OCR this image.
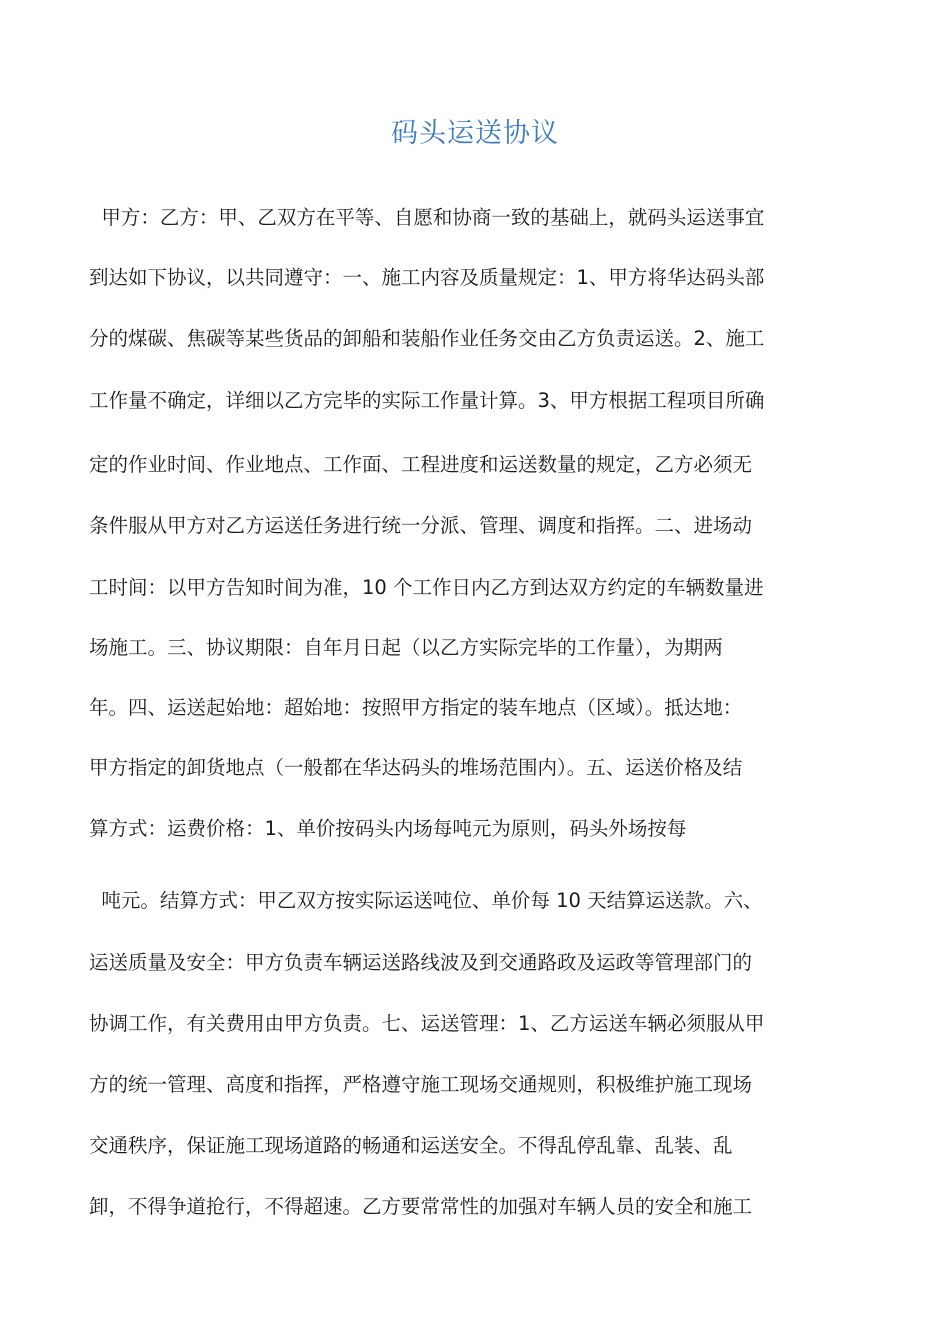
码头运送协议
甲方：乙方：甲、乙双方在平等、自愿和协商一致的基础上，就码头运送事宜
到达如下协议，以共同遵守：一、施工内容及质量规定：1、甲方将华达码头部
分的煤碳、焦碳等某些货品的卸船和装船作业任务交由乙方负责运送。2、施工
工作量不确定，详细以乙方完毕的实际工作量计算。3、甲方根据工程项目所确
定的作业时间、作业地点、工作面、工程进度和运送数量的规定，乙方必须无
条件服从甲方对乙方运送任务进行统一分派、管理、调度和指挥。二、进场动
工时间：以甲方告知时间为准，10 个工作日内乙方到达双方约定的车辆数量进
场施工。三、协议期限：自年月日起（以乙方实际完毕的工作量），为期两
年。四、运送起始地：超始地：按照甲方指定的装车地点（区域）。抵达地：
甲方指定的卸货地点（一般都在华达码头的堆场范围内）。五、运送价格及结
算方式：运费价格：1、单价按码头内场每吨元为原则，码头外场按每
吨元。结算方式：甲乙双方按实际运送吨位、单价每 10 天结算运送款。六、
运送质量及安全：甲方负责车辆运送路线波及到交通路政及运政等管理部门的
协调工作，有关费用由甲方负责。七、运送管理：1、乙方运送车辆必须服从甲
方的统一管理、高度和指挥，严格遵守施工现场交通规则，积极维护施工现场
交通秩序，保证施工现场道路的畅通和运送安全。不得乱停乱靠、乱装、乱
卸，不得争道抢行，不得超速。乙方要常常性的加强对车辆人员的安全和施工
